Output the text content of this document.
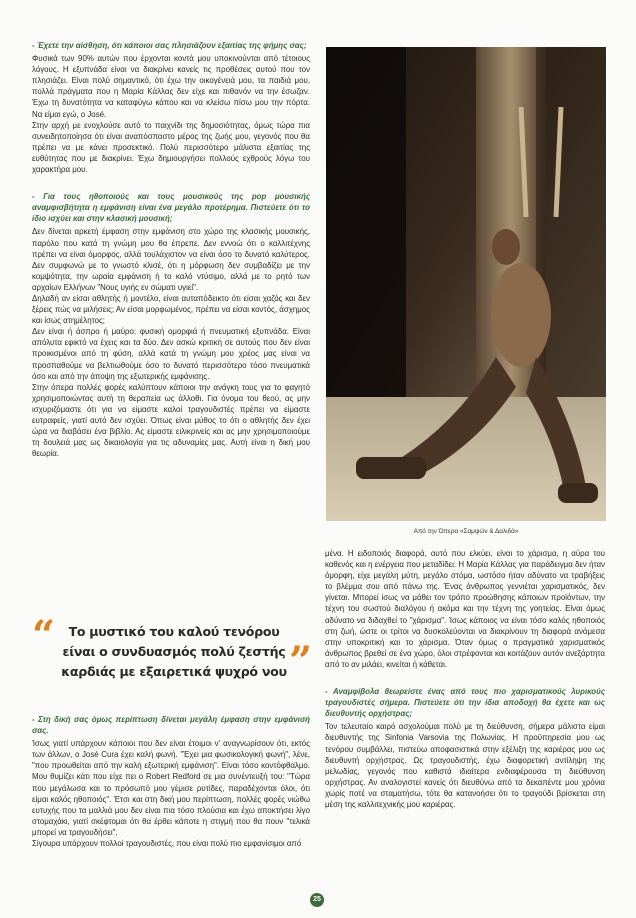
- Έχετε την αίσθηση, ότι κάποιοι σας πλησιάζουν εξαιτίας της φήμης σας;

Φυσικά των 90% αυτών που έρχονται κοντά μου υποκινούνται από τέτοιους λόγους. Η εξυπνάδα είναι να διακρίνει κανείς τις προθέσεις αυτού που τον πλησιάζει. Είναι πολύ σημαντικό, ότι έχω την οικογένειά μου, τα παιδιά μου, πολλά πράγματα που η Μαρία Κάλλας δεν είχε και πιθανόν να την έσωζαν. Έχω τη δυνατότητα να καταφύγω κάπου και να κλείσω πίσω μου την πόρτα. Να είμαι εγώ, ο José.

Στην αρχή με ενοχλούσε αυτό το παιχνίδι της δημοσιότητας, όμως τώρα πια συνειδητοποίησα ότι είναι αναπόσπαστο μέρος της ζωής μου, γεγονός που θα πρέπει να με κάνει προσεκτικό. Πολύ περισσότερο μάλιστα εξαιτίας της ευθύτητας που με διακρίνει. Έχω δημιουργήσει πολλούς εχθρούς λόγω του χαρακτήρα μου.

- Για τους ηθοποιούς και τους μουσικούς της pop μουσικής αναμφισβήτητα η εμφάνιση είναι ένα μεγάλο προτέρημα. Πιστεύετε ότι το ίδιο ισχύει και στην κλασική μουσική;

Δεν δίνεται αρκετή έμφαση στην εμφάνιση στο χώρο της κλασικής μουσικής, παρόλο που κατά τη γνώμη μου θα έπρεπε. Δεν εννοώ ότι ο καλλιτέχνης πρέπει να είναι όμορφος, αλλά τουλάχιστον να είναι όσο το δυνατό καλύτερος. Δεν συμφωνώ με το γνωστό κλισέ, ότι η μόρφωση δεν συμβαδίζει με την κομψότητα, την ωραία εμφάνιση ή το καλό ντύσιμο, αλλά με το ρητό των αρχαίων Ελλήνων "Νους υγιής εν σώματι υγιεί".

Δηλαδή αν είσαι αθλητής ή μοντέλο, είναι αυταπόδεικτο ότι είσαι χαζός και δεν ξέρεις πώς να μιλήσεις; Αν είσαι μορφωμένος, πρέπει να είσαι κοντός, άσχημος και ίσως ατημέλητος;

Δεν είναι ή άσπρο ή μαύρο: φυσική ομορφιά ή πνευματική εξυπνάδα. Είναι απόλυτα εφικτό να έχεις και τα δύο. Δεν ασκώ κριτική σε αυτούς που δεν είναι προικισμένοι από τη φύση, αλλά κατά τη γνώμη μου χρέος μας είναι να προσπαθούμε να βελτιωθούμε όσο το δυνατό περισσότερο τόσο πνευματικά όσο και από την άποψη της εξωτερικής εμφάνισης.

Στην όπερα πολλές φορές καλύπτουν κάποιοι την ανάγκη τους για το φαγητό χρησιμοποιώντας αυτή τη θεραπεία ως άλλοθι. Για όνομα του θεού, ας μην ισχυριζόμαστε ότι για να είμαστε καλοί τραγουδιστές πρέπει να είμαστε ευτραφείς, γιατί αυτό δεν ισχύει. Όπως είναι μύθος το ότι ο αθλητής δεν έχει ώρα να διαβάσει ένα βιβλίο. Ας είμαστε ειλικρινείς και ας μην χρησιμοποιούμε τη δουλειά μας ως δικαιολογία για τις αδυναμίες μας. Αυτή είναι η δική μου θεωρία.

“	Το μυστικό του καλού τενόρου είναι ο συνδυασμός πολύ ζεστής καρδιάς με εξαιρετικά ψυχρό νου ”
- Στη δική σας όμως περίπτωση δίνεται μεγάλη έμφαση στην εμφάνισή σας.

Ίσως γιατί υπάρχουν κάποιοι που δεν είναι έτοιμοι ν' αναγνωρίσουν ότι, εκτός των άλλων, ο José Cura έχει καλή φωνή. "Έχει μια φωσικολογική φωνή", λένε, "που προωθείται από την καλή εξωτερική εμφάνιση". Είναι τόσο κοντόφθαλμο. Μου θυμίζει κάτι που είχε πει ο Robert Redford σε μια συνέντευξή του: "Τώρα που μεγάλωσα και το πρόσωπό μου γέμισε ρυτίδες, παραδέχονται όλοι, ότι είμαι καλός ηθοποιός". Έτσι και στη δική μου περίπτωση, πολλές φορές νιώθω ευτυχής που τα μαλλιά μου δεν είναι πια τόσο πλούσια και έχω αποκτήσει λίγο στομαχάκι, γιατί σκέφτομαι ότι θα έρθει κάποτε η στιγμή που θα πουν "τελικά μπορεί να τραγουδήσει".

Σίγουρα υπάρχουν πολλοί τραγουδιστές, που είναι πολύ πιο εμφανίσιμοι από

Από την Όπερα «Σαμψών & Δαλιδά»

μένα. Η ειδοποιός διαφορά, αυτό που ελκύει, είναι το χάρισμα, η αύρα του καθενός και η ενέργεια που μεταδίδει. Η Μαρία Κάλλας για παράδειγμα δεν ήταν όμορφη, είχε μεγάλη μύτη, μεγάλο στόμα, ωστόσο ήταν αδύνατο να τραβήξεις το βλέμμα σου από πάνω της. Ένας άνθρωπος γεννιέται χαρισματικός, δεν γίνεται. Μπορεί ίσως να μάθει τον τρόπο προώθησης κάποιων προϊόντων, την τέχνη του σωστού διαλόγου ή ακόμα και την τέχνη της γοητείας. Είναι όμως αδύνατο να διδαχθεί το "χάρισμα". Ίσως κάποιος να είναι τόσο καλός ηθοποιός στη ζωή, ώστε οι τρίτοι να δυσκολεύονται να διακρίνουν τη διαφορά ανάμεσα στην υποκριτική και το χάρισμα. Όταν όμως ο πραγματικά χαρισματικός άνθρωπος βρεθεί σε ένα χώρο, όλοι στρέφονται και κοιτάζουν αυτόν ανεξάρτητα από το αν μιλάει, κινείται ή κάθεται.

- Αναμφίβολα θεωρείστε ένας από τους πιο χαρισματικούς λυρικούς τραγουδιστές σήμερα. Πιστεύετε ότι την ίδια αποδοχή θα έχετε και ως διευθυντής ορχήστρας;

Τον τελευταίο καιρό ασχολούμαι πολύ με τη διεύθυνση, σήμερα μάλιστα είμαι διευθυντής της Sinfonia Varsovia της Πολωνίας. Η προϋπηρεσία μου ως τενόρου συμβάλλει, πιστεύω αποφασιστικά στην εξέλιξη της καριέρας μου ως διευθυντή ορχήστρας. Ως τραγουδιστής, έχω διαφορετική αντίληψη της μελωδίας, γεγονός που καθιστά ιδιαίτερα ενδιαφέρουσα τη διεύθυνση ορχήστρας. Αν αναλογιστεί κανείς ότι διευθύνω από τα δεκαπέντε μου χρόνια χωρίς ποτέ να σταματήσω, τότε θα κατανοήσει ότι το τραγούδι βρίσκεται στη μέση της καλλιτεχνικής μου καριέρας.

25
